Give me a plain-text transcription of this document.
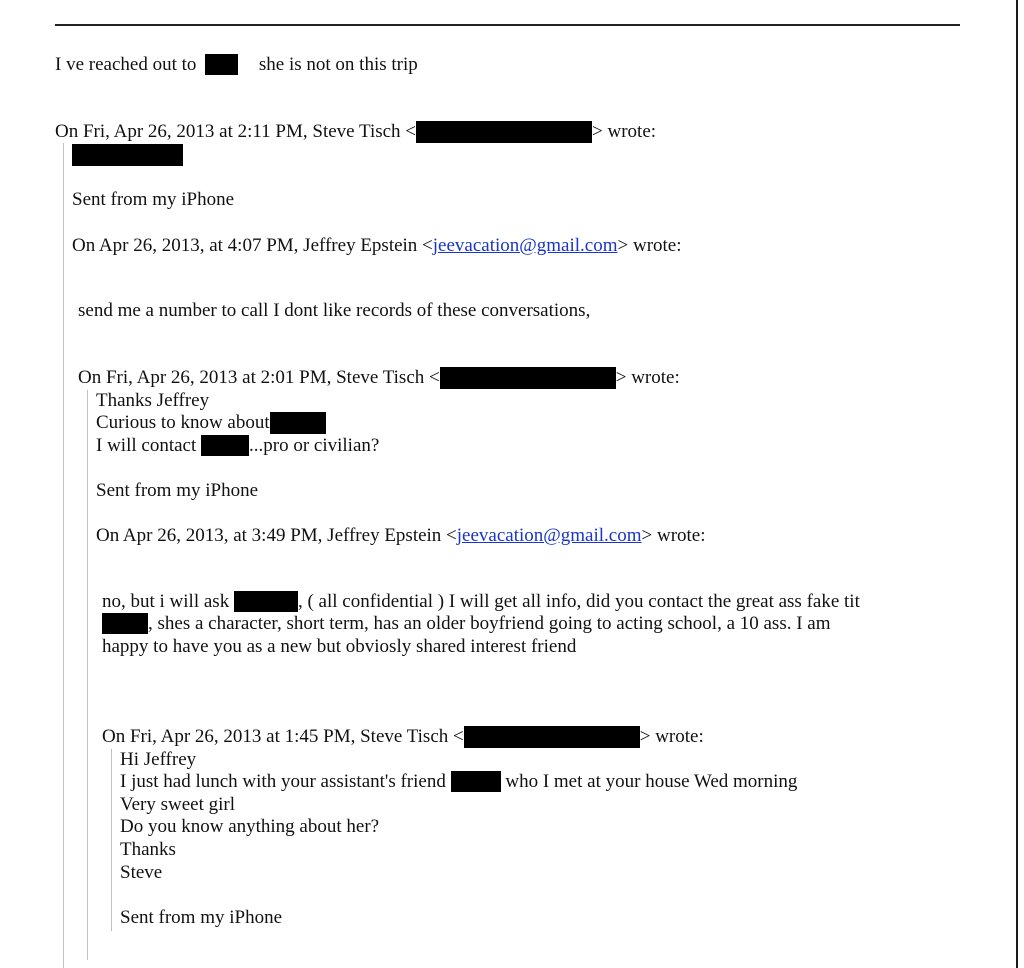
I ve reached out to	she is not on this trip
On Fri, Apr 26, 2013 at 2:11 PM, Steve Tisch <	> wrote:
Sent from my iPhone
On Apr 26, 2013, at 4:07 PM, Jeffrey Epstein <jeevacation@gmail.com> wrote:
send me a number to call I dont like records of these conversations,
On Fri, Apr 26, 2013 at 2:01 PM, Steve Tisch <	> wrote:
Thanks Jeffrey
Curious to know about
I will contact	...pro or civilian?
Sent from my iPhone
On Apr 26, 2013, at 3:49 PM, Jeffrey Epstein <jeevacation@gmail.com> wrote:
no, but i will ask	, ( all confidential ) I will get all info, did you contact the great ass fake tit
, shes a character, short term, has an older boyfriend going to acting school, a 10 ass. I am
happy to have you as a new but obviosly shared interest friend
On Fri, Apr 26, 2013 at 1:45 PM, Steve Tisch <	> wrote:
Hi Jeffrey
I just had lunch with your assistant's friend	who I met at your house Wed morning
Very sweet girl
Do you know anything about her?
Thanks
Steve
Sent from my iPhone
